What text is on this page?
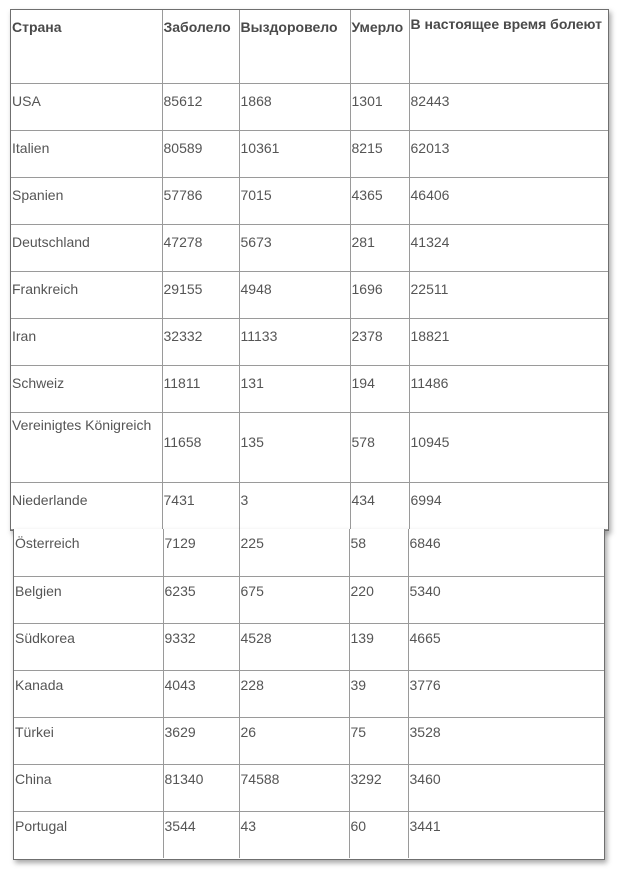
Страна	Заболело	Выздоровело	Умерло	В настоящее время болеют
USA	85612	1868	1301	82443
Italien	80589	10361	8215	62013
Spanien	57786	7015	4365	46406
Deutschland	47278	5673	281	41324
Frankreich	29155	4948	1696	22511
Iran	32332	11133	2378	18821
Schweiz	11811	131	194	11486
Vereinigtes Königreich	11658	135	578	10945
Niederlande	7431	3	434	6994
Österreich	7129	225	58	6846
Belgien	6235	675	220	5340
Südkorea	9332	4528	139	4665
Kanada	4043	228	39	3776
Türkei	3629	26	75	3528
China	81340	74588	3292	3460
Portugal	3544	43	60	3441
